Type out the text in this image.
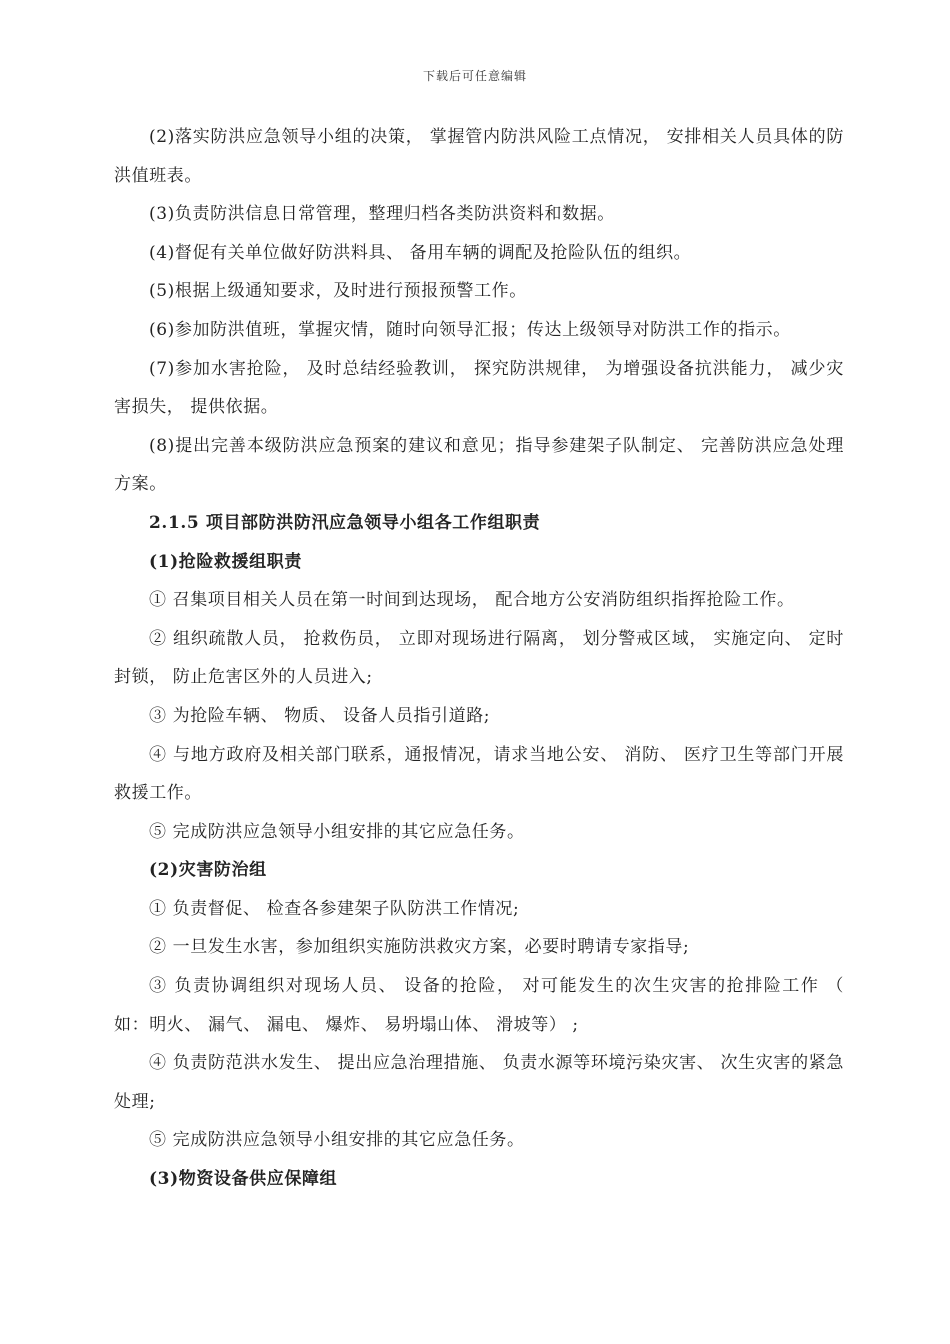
下载后可任意编辑

(2)落实防洪应急领导小组的决策， 掌握管内防洪风险工点情况， 安排相关人员具体的防洪值班表。

(3)负责防洪信息日常管理，整理归档各类防洪资料和数据。

(4)督促有关单位做好防洪料具、 备用车辆的调配及抢险队伍的组织。

(5)根据上级通知要求，及时进行预报预警工作。

(6)参加防洪值班，掌握灾情，随时向领导汇报；传达上级领导对防洪工作的指示。

(7)参加水害抢险， 及时总结经验教训， 探究防洪规律， 为增强设备抗洪能力， 减少灾害损失， 提供依据。

(8)提出完善本级防洪应急预案的建议和意见；指导参建架子队制定、 完善防洪应急处理方案。

2.1.5 项目部防洪防汛应急领导小组各工作组职责

(1)抢险救援组职责

① 召集项目相关人员在第一时间到达现场， 配合地方公安消防组织指挥抢险工作。

② 组织疏散人员， 抢救伤员， 立即对现场进行隔离， 划分警戒区域， 实施定向、 定时封锁， 防止危害区外的人员进入;

③ 为抢险车辆、 物质、 设备人员指引道路;

④ 与地方政府及相关部门联系，通报情况，请求当地公安、 消防、 医疗卫生等部门开展救援工作。

⑤ 完成防洪应急领导小组安排的其它应急任务。

(2)灾害防治组

① 负责督促、 检查各参建架子队防洪工作情况;

② 一旦发生水害，参加组织实施防洪救灾方案，必要时聘请专家指导;

③ 负责协调组织对现场人员、 设备的抢险， 对可能发生的次生灾害的抢排险工作 （ 如：明火、 漏气、 漏电、 爆炸、 易坍塌山体、 滑坡等） ;

④ 负责防范洪水发生、 提出应急治理措施、 负责水源等环境污染灾害、 次生灾害的紧急处理;

⑤ 完成防洪应急领导小组安排的其它应急任务。

(3)物资设备供应保障组
